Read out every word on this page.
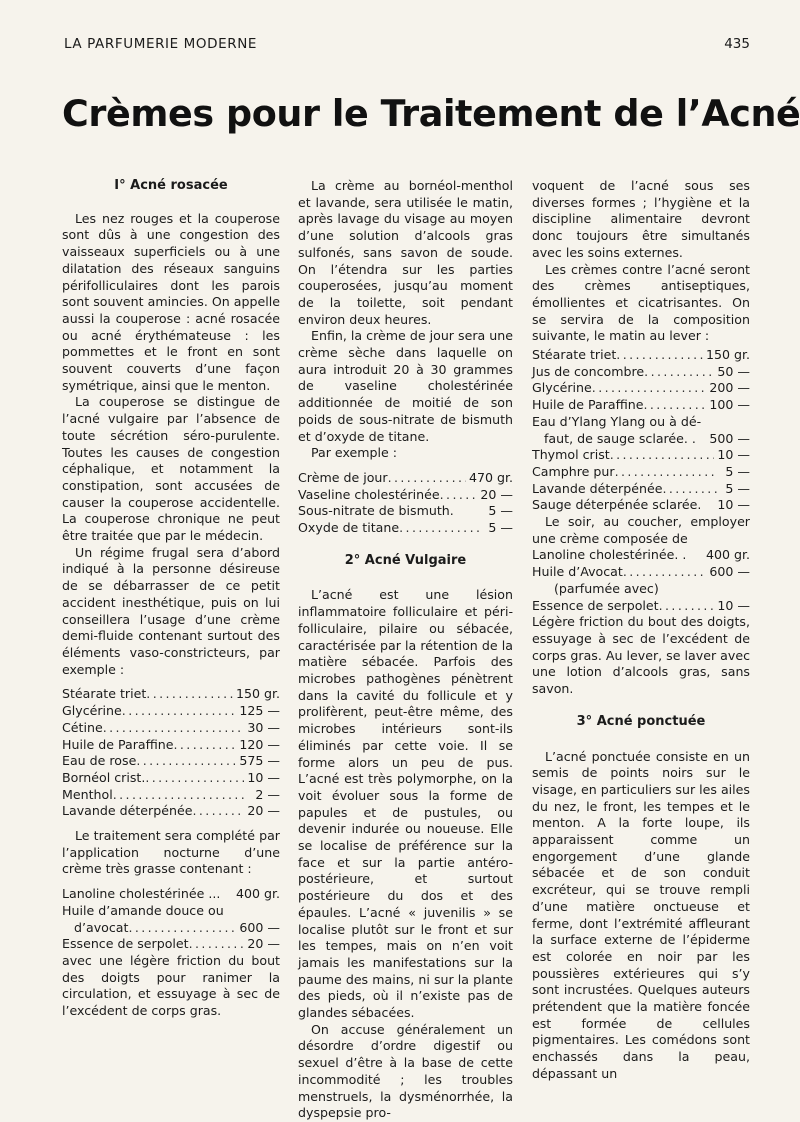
LA PARFUMERIE MODERNE	435
Crèmes pour le Traitement de l’Acné
I° Acné rosacée

Les nez rouges et la couperose sont dûs à une congestion des vaisseaux superficiels ou à une dilatation des réseaux sanguins périfolliculaires dont les parois sont souvent amincies. On appelle aussi la couperose : acné rosacée ou acné érythémateuse : les pommettes et le front en sont souvent couverts d’une façon symétrique, ainsi que le menton.

La couperose se distingue de l’acné vulgaire par l’absence de toute sécrétion séro-purulente. Toutes les causes de congestion céphalique, et notamment la constipation, sont accusées de causer la couperose accidentelle. La couperose chronique ne peut être traitée que par le médecin.

Un régime frugal sera d’abord indiqué à la personne désireuse de se débarrasser de ce petit accident inesthétique, puis on lui conseillera l’usage d’une crème demi-fluide contenant surtout des éléments vaso-constricteurs, par exemple :

Stéarate triet .....	150 gr.
Glycérine .....	125 —
Cétine .....	30 —
Huile de Paraffine .....	120 —
Eau de rose .....	575 —
Bornéol crist. .....	10 —
Menthol .....	2 —
Lavande déterpénée .....	20 —

Le traitement sera complété par l’application nocturne d’une crème très grasse contenant :

Lanoline cholestérinée ... 400 gr.
Huile d’amande douce ou
d’avocat .....	600 —
Essence de serpolet .....	20 —

avec une légère friction du bout des doigts pour ranimer la circulation, et essuyage à sec de l’excédent de corps gras.

La crème au bornéol-menthol et lavande, sera utilisée le matin, après lavage du visage au moyen d’une solution d’alcools gras sulfonés, sans savon de soude. On l’étendra sur les parties couperosées, jusqu’au moment de la toilette, soit pendant environ deux heures.

Enfin, la crème de jour sera une crème sèche dans laquelle on aura introduit 20 à 30 grammes de vaseline cholestérinée additionnée de moitié de son poids de sous-nitrate de bismuth et d’oxyde de titane.

Par exemple :

Crème de jour .....	470 gr.
Vaseline cholestérinée .....	20 —
Sous-nitrate de bismuth.	5 —
Oxyde de titane .....	5 —
2° Acné Vulgaire

L’acné est une lésion inflammatoire folliculaire et péri-folliculaire, pilaire ou sébacée, caractérisée par la rétention de la matière sébacée. Parfois des microbes pathogènes pénètrent dans la cavité du follicule et y prolifèrent, peut-être même, des microbes intérieurs sont-ils éliminés par cette voie. Il se forme alors un peu de pus. L’acné est très polymorphe, on la voit évoluer sous la forme de papules et de pustules, ou devenir indurée ou noueuse. Elle se localise de préférence sur la face et sur la partie antéro-postérieure, et surtout postérieure du dos et des épaules. L’acné « juvenilis » se localise plutôt sur le front et sur les tempes, mais on n’en voit jamais les manifestations sur la paume des mains, ni sur la plante des pieds, où il n’existe pas de glandes sébacées.

On accuse généralement un désordre d’ordre digestif ou sexuel d’être à la base de cette incommodité ; les troubles menstruels, la dysménorrhée, la dyspepsie pro-

voquent de l’acné sous ses diverses formes ; l’hygiène et la discipline alimentaire devront donc toujours être simultanés avec les soins externes.

Les crèmes contre l’acné seront des crèmes antiseptiques, émollientes et cicatrisantes. On se servira de la composition suivante, le matin au lever :

Stéarate triet .....	150 gr.
Jus de concombre .....	50 —
Glycérine .....	200 —
Huile de Paraffine .....	100 —
Eau d’Ylang Ylang ou à dé-
faut, de sauge sclarée. . 500 —
Thymol crist .....	10 —
Camphre pur .....	5 —
Lavande déterpénée .....	5 —
Sauge déterpénée sclarée. 10 —

Le soir, au coucher, employer une crème composée de

Lanoline cholestérinée. . 400 gr.
Huile d’Avocat .....	600 —
(parfumée avec)
Essence de serpolet .....	10 —

Légère friction du bout des doigts, essuyage à sec de l’excédent de corps gras. Au lever, se laver avec une lotion d’alcools gras, sans savon.

3° Acné ponctuée

L’acné ponctuée consiste en un semis de points noirs sur le visage, en particuliers sur les ailes du nez, le front, les tempes et le menton. A la forte loupe, ils apparaissent comme un engorgement d’une glande sébacée et de son conduit excréteur, qui se trouve rempli d’une matière onctueuse et ferme, dont l’extrémité affleurant la surface externe de l’épiderme est colorée en noir par les poussières extérieures qui s’y sont incrustées. Quelques auteurs prétendent que la matière foncée est formée de cellules pigmentaires. Les comédons sont enchassés dans la peau, dépassant un
